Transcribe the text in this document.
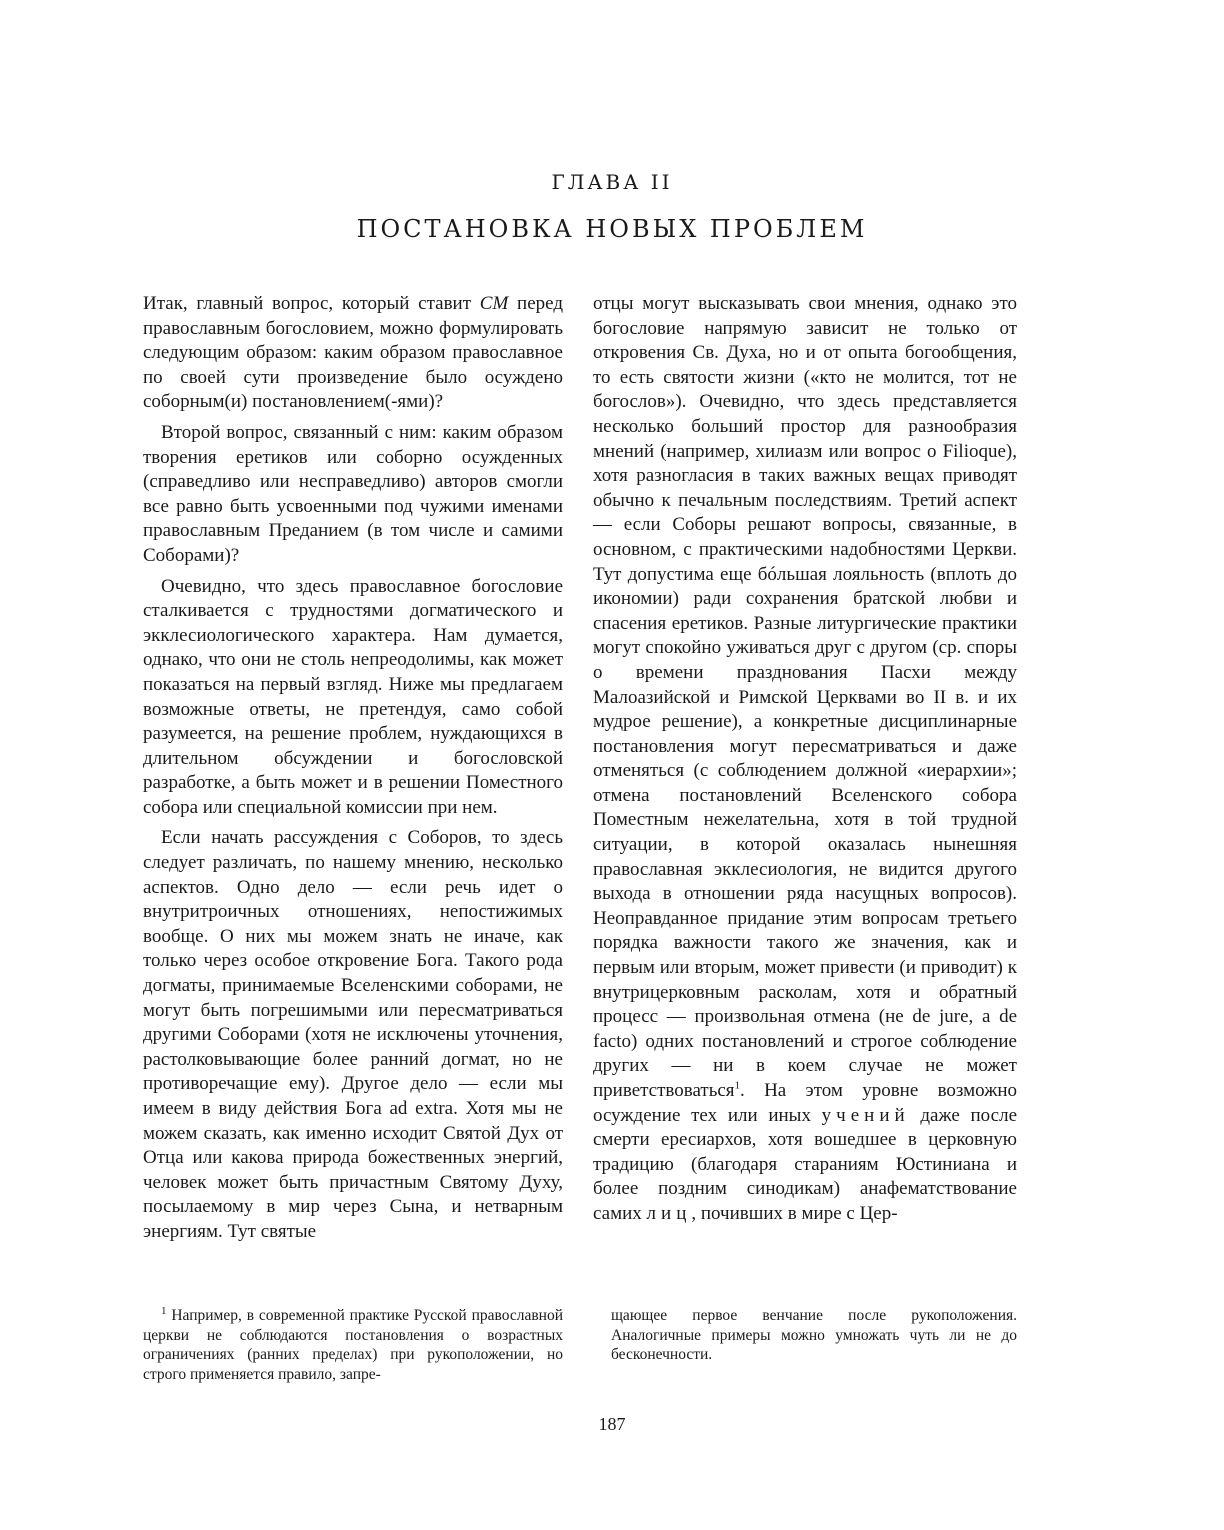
ГЛАВА II
ПОСТАНОВКА НОВЫХ ПРОБЛЕМ

Итак, главный вопрос, который ставит СМ перед православным богословием, можно формулировать следующим образом: каким образом православное по своей сути произведение было осуждено соборным(и) постановлением(-ями)?

Второй вопрос, связанный с ним: каким образом творения еретиков или соборно осужденных (справедливо или несправедливо) авторов смогли все равно быть усвоенными под чужими именами православным Преданием (в том числе и самими Соборами)?

Очевидно, что здесь православное богословие сталкивается с трудностями догматического и экклесиологического характера. Нам думается, однако, что они не столь непреодолимы, как может показаться на первый взгляд. Ниже мы предлагаем возможные ответы, не претендуя, само собой разумеется, на решение проблем, нуждающихся в длительном обсуждении и богословской разработке, а быть может и в решении Поместного собора или специальной комиссии при нем.

Если начать рассуждения с Соборов, то здесь следует различать, по нашему мнению, несколько аспектов. Одно дело — если речь идет о внутритроичных отношениях, непостижимых вообще. О них мы можем знать не иначе, как только через особое откровение Бога. Такого рода догматы, принимаемые Вселенскими соборами, не могут быть погрешимыми или пересматриваться другими Соборами (хотя не исключены уточнения, растолковывающие более ранний догмат, но не противоречащие ему). Другое дело — если мы имеем в виду действия Бога ad extra. Хотя мы не можем сказать, как именно исходит Святой Дух от Отца или какова природа божественных энергий, человек может быть причастным Святому Духу, посылаемому в мир через Сына, и нетварным энергиям. Тут святые

отцы могут высказывать свои мнения, однако это богословие напрямую зависит не только от откровения Св. Духа, но и от опыта богообщения, то есть святости жизни («кто не молится, тот не богослов»). Очевидно, что здесь представляется несколько больший простор для разнообразия мнений (например, хилиазм или вопрос о Filioque), хотя разногласия в таких важных вещах приводят обычно к печальным последствиям. Третий аспект — если Соборы решают вопросы, связанные, в основном, с практическими надобностями Церкви. Тут допустима еще бóльшая лояльность (вплоть до икономии) ради сохранения братской любви и спасения еретиков. Разные литургические практики могут спокойно уживаться друг с другом (ср. споры о времени празднования Пасхи между Малоазийской и Римской Церквами во II в. и их мудрое решение), а конкретные дисциплинарные постановления могут пересматриваться и даже отменяться (с соблюдением должной «иерархии»; отмена постановлений Вселенского собора Поместным нежелательна, хотя в той трудной ситуации, в которой оказалась нынешняя православная экклесиология, не видится другого выхода в отношении ряда насущных вопросов). Неоправданное придание этим вопросам третьего порядка важности такого же значения, как и первым или вторым, может привести (и приводит) к внутрицерковным расколам, хотя и обратный процесс — произвольная отмена (не de jure, а de facto) одних постановлений и строгое соблюдение других — ни в коем случае не может приветствоваться$^1$. На этом уровне возможно осуждение тех или иных учений даже после смерти ересиархов, хотя вошедшее в церковную традицию (благодаря стараниям Юстиниана и более поздним синодикам) анафематствование самих лиц, почивших в мире с Цер-

$^1$ Например, в современной практике Русской православной церкви не соблюдаются постановления о возрастных ограничениях (ранних пределах) при рукоположении, но строго применяется правило, запре-

щающее первое венчание после рукоположения. Аналогичные примеры можно умножать чуть ли не до бесконечности.

187
